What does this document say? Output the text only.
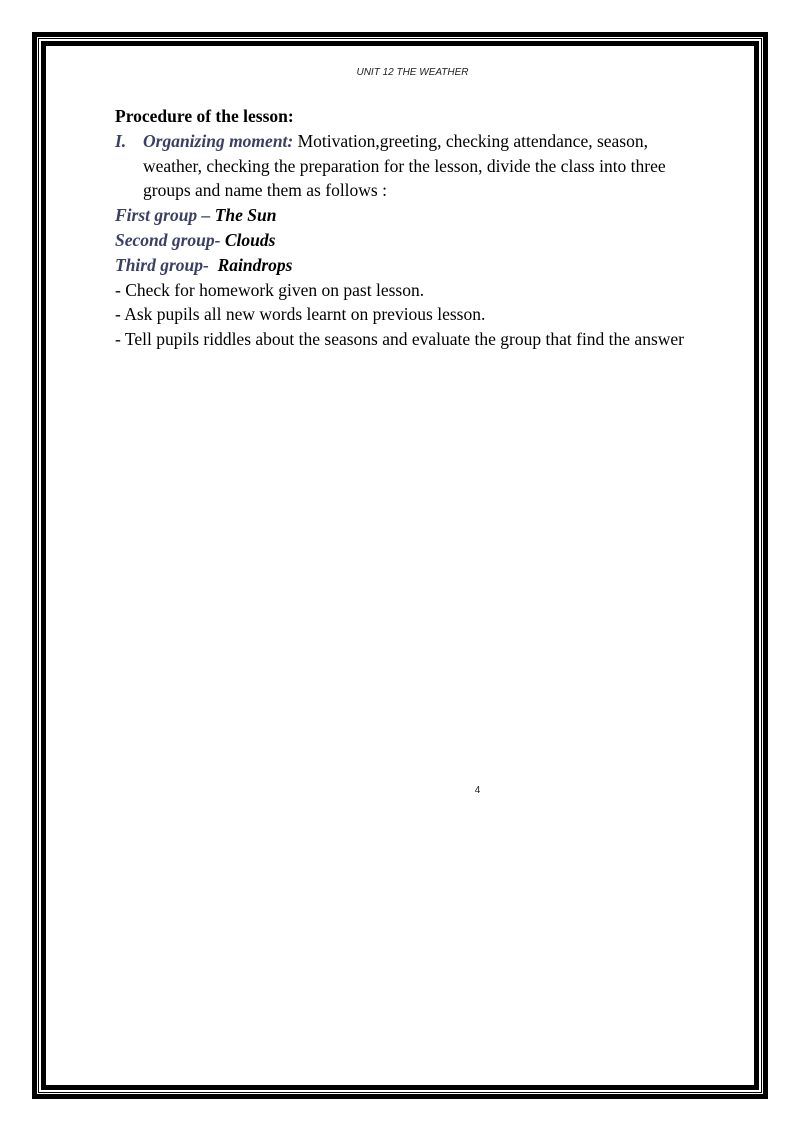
UNIT 12 THE WEATHER

Procedure of the lesson:

I. Organizing moment: Motivation,greeting, checking attendance, season,

weather, checking the preparation for the lesson, divide the class into three

groups and name them as follows :

First group – The Sun

Second group- Clouds

Third group-  Raindrops

- Check for homework given on past lesson.

- Ask pupils all new words learnt on previous lesson.

- Tell pupils riddles about the seasons and evaluate the group that find the answer

4
